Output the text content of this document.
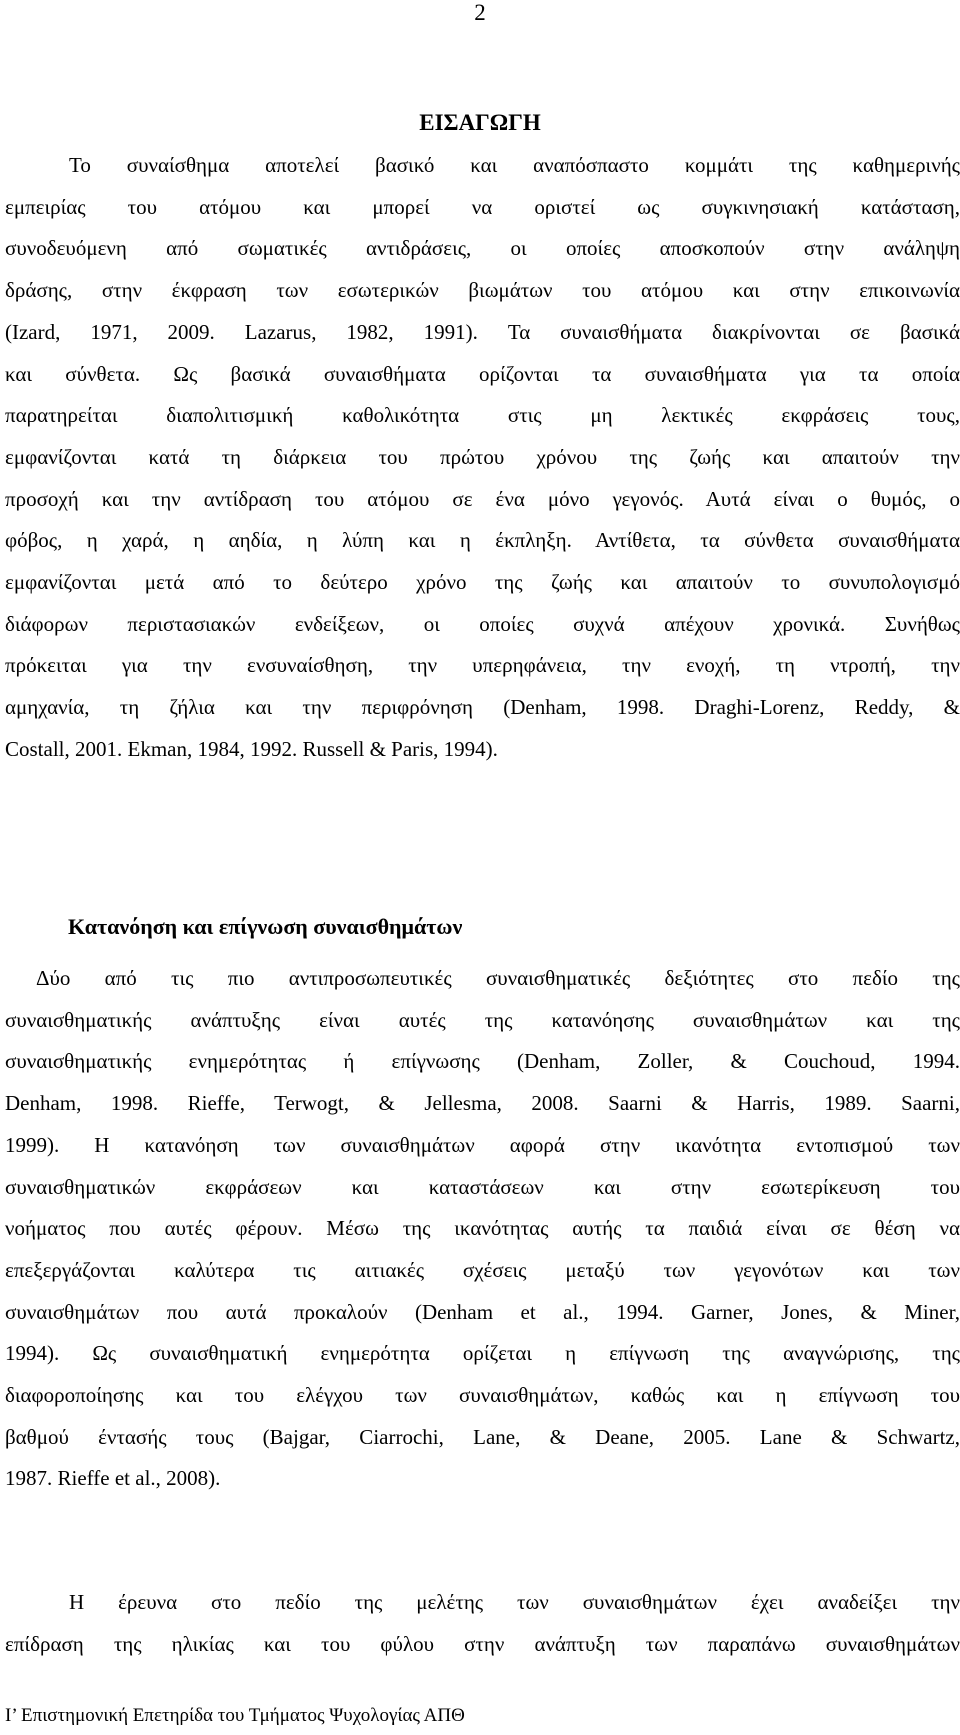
2
ΕΙΣΑΓΩΓΗ

Το συναίσθημα αποτελεί βασικό και αναπόσπαστο κομμάτι της καθημερινής
εμπειρίας του ατόμου και μπορεί να οριστεί ως συγκινησιακή κατάσταση,
συνοδευόμενη από σωματικές αντιδράσεις, οι οποίες αποσκοπούν στην ανάληψη
δράσης, στην έκφραση των εσωτερικών βιωμάτων του ατόμου και στην επικοινωνία
(Izard, 1971, 2009. Lazarus, 1982, 1991). Τα συναισθήματα διακρίνονται σε βασικά
και σύνθετα. Ως βασικά συναισθήματα ορίζονται τα συναισθήματα για τα οποία
παρατηρείται διαπολιτισμική καθολικότητα στις μη λεκτικές εκφράσεις τους,
εμφανίζονται κατά τη διάρκεια του πρώτου χρόνου της ζωής και απαιτούν την
προσοχή και την αντίδραση του ατόμου σε ένα μόνο γεγονός. Αυτά είναι ο θυμός, ο
φόβος, η χαρά, η αηδία, η λύπη και η έκπληξη. Αντίθετα, τα σύνθετα συναισθήματα
εμφανίζονται μετά από το δεύτερο χρόνο της ζωής και απαιτούν το συνυπολογισμό
διάφορων περιστασιακών ενδείξεων, οι οποίες συχνά απέχουν χρονικά. Συνήθως
πρόκειται για την ενσυναίσθηση, την υπερηφάνεια, την ενοχή, τη ντροπή, την
αμηχανία, τη ζήλια και την περιφρόνηση (Denham, 1998. Draghi-Lorenz, Reddy, &
Costall, 2001. Ekman, 1984, 1992. Russell & Paris, 1994).

Κατανόηση και επίγνωση συναισθημάτων

Δύο από τις πιο αντιπροσωπευτικές συναισθηματικές δεξιότητες στο πεδίο της
συναισθηματικής ανάπτυξης είναι αυτές της κατανόησης συναισθημάτων και της
συναισθηματικής ενημερότητας ή επίγνωσης (Denham, Zoller, & Couchoud, 1994.
Denham, 1998. Rieffe, Terwogt, & Jellesma, 2008. Saarni & Harris, 1989. Saarni,
1999). Η κατανόηση των συναισθημάτων αφορά στην ικανότητα εντοπισμού των
συναισθηματικών εκφράσεων και καταστάσεων και στην εσωτερίκευση του
νοήματος που αυτές φέρουν. Μέσω της ικανότητας αυτής τα παιδιά είναι σε θέση να
επεξεργάζονται καλύτερα τις αιτιακές σχέσεις μεταξύ των γεγονότων και των
συναισθημάτων που αυτά προκαλούν (Denham et al., 1994. Garner, Jones, & Miner,
1994). Ως συναισθηματική ενημερότητα ορίζεται η επίγνωση της αναγνώρισης, της
διαφοροποίησης και του ελέγχου των συναισθημάτων, καθώς και η επίγνωση του
βαθμού έντασής τους (Bajgar, Ciarrochi, Lane, & Deane, 2005. Lane & Schwartz,
1987. Rieffe et al., 2008).

Η έρευνα στο πεδίο της μελέτης των συναισθημάτων έχει αναδείξει την
επίδραση της ηλικίας και του φύλου στην ανάπτυξη των παραπάνω συναισθημάτων

Ι’ Επιστημονική Επετηρίδα του Τμήματος Ψυχολογίας ΑΠΘ
